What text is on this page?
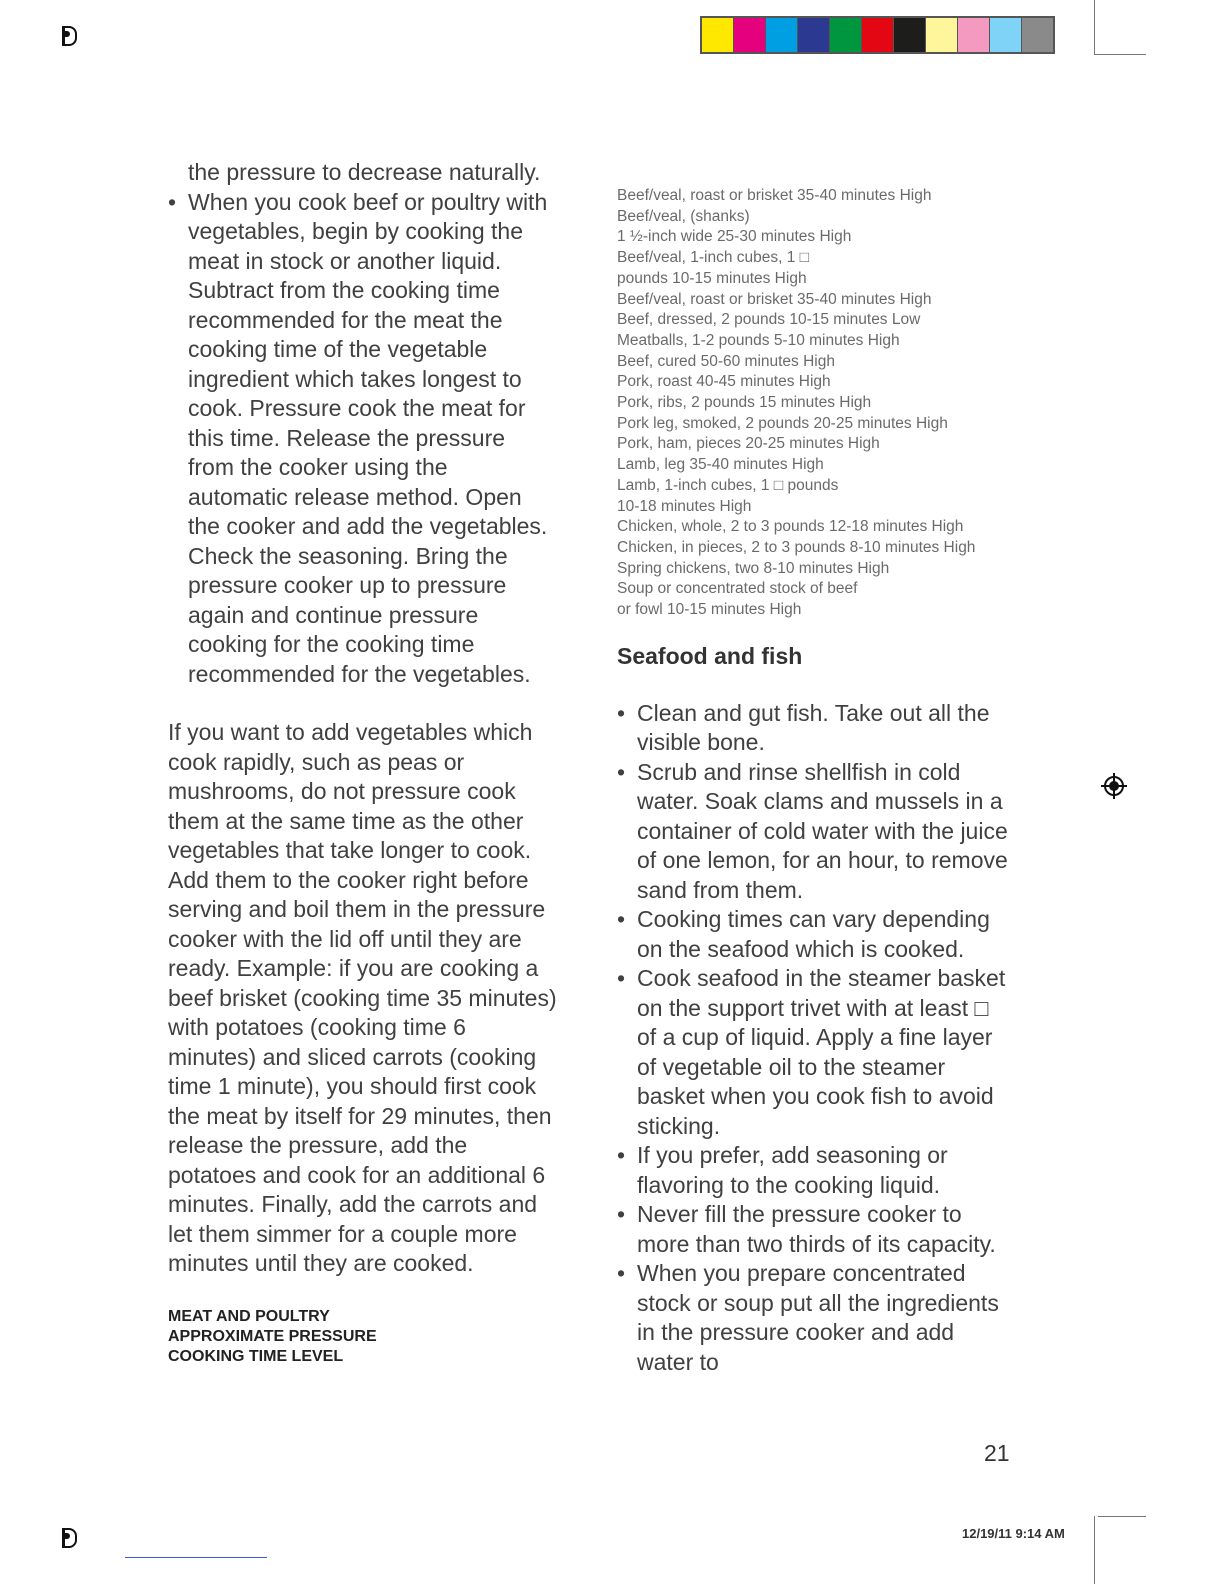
the pressure to decrease naturally.
• When you cook beef or poultry with vegetables, begin by cooking the meat in stock or another liquid. Subtract from the cooking time recommended for the meat the cooking time of the vegetable ingredient which takes longest to cook. Pressure cook the meat for this time. Release the pressure from the cooker using the automatic release method. Open the cooker and add the vegetables. Check the seasoning. Bring the pressure cooker up to pressure again and continue pressure cooking for the cooking time recommended for the vegetables.

If you want to add vegetables which cook rapidly, such as peas or mushrooms, do not pressure cook them at the same time as the other vegetables that take longer to cook. Add them to the cooker right before serving and boil them in the pressure cooker with the lid off until they are ready. Example: if you are cooking a beef brisket (cooking time 35 minutes) with potatoes (cooking time 6 minutes) and sliced carrots (cooking time 1 minute), you should first cook the meat by itself for 29 minutes, then release the pressure, add the potatoes and cook for an additional 6 minutes. Finally, add the carrots and let them simmer for a couple more minutes until they are cooked.

MEAT AND POULTRY

APPROXIMATE PRESSURE

COOKING TIME LEVEL

Beef/veal, roast or brisket 35-40 minutes High
Beef/veal, (shanks)
1 ½-inch wide 25-30 minutes High
Beef/veal, 1-inch cubes, 1 □
pounds 10-15 minutes High
Beef/veal, roast or brisket 35-40 minutes High
Beef, dressed, 2 pounds 10-15 minutes Low
Meatballs, 1-2 pounds 5-10 minutes High
Beef, cured 50-60 minutes High
Pork, roast 40-45 minutes High
Pork, ribs, 2 pounds 15 minutes High
Pork leg, smoked, 2 pounds 20-25 minutes High
Pork, ham, pieces 20-25 minutes High
Lamb, leg 35-40 minutes High
Lamb, 1-inch cubes, 1 □ pounds
10-18 minutes High
Chicken, whole, 2 to 3 pounds 12-18 minutes High
Chicken, in pieces, 2 to 3 pounds 8-10 minutes High
Spring chickens, two 8-10 minutes High
Soup or concentrated stock of beef
or fowl 10-15 minutes High

Seafood and fish

• Clean and gut fish. Take out all the visible bone.
• Scrub and rinse shellfish in cold water. Soak clams and mussels in a container of cold water with the juice of one lemon, for an hour, to remove sand from them.
• Cooking times can vary depending on the seafood which is cooked.
• Cook seafood in the steamer basket on the support trivet with at least □ of a cup of liquid. Apply a fine layer of vegetable oil to the steamer basket when you cook fish to avoid sticking.
• If you prefer, add seasoning or flavoring to the cooking liquid.
• Never fill the pressure cooker to more than two thirds of its capacity.
• When you prepare concentrated stock or soup put all the ingredients in the pressure cooker and add water to
21
12/19/11 9:14 AM
